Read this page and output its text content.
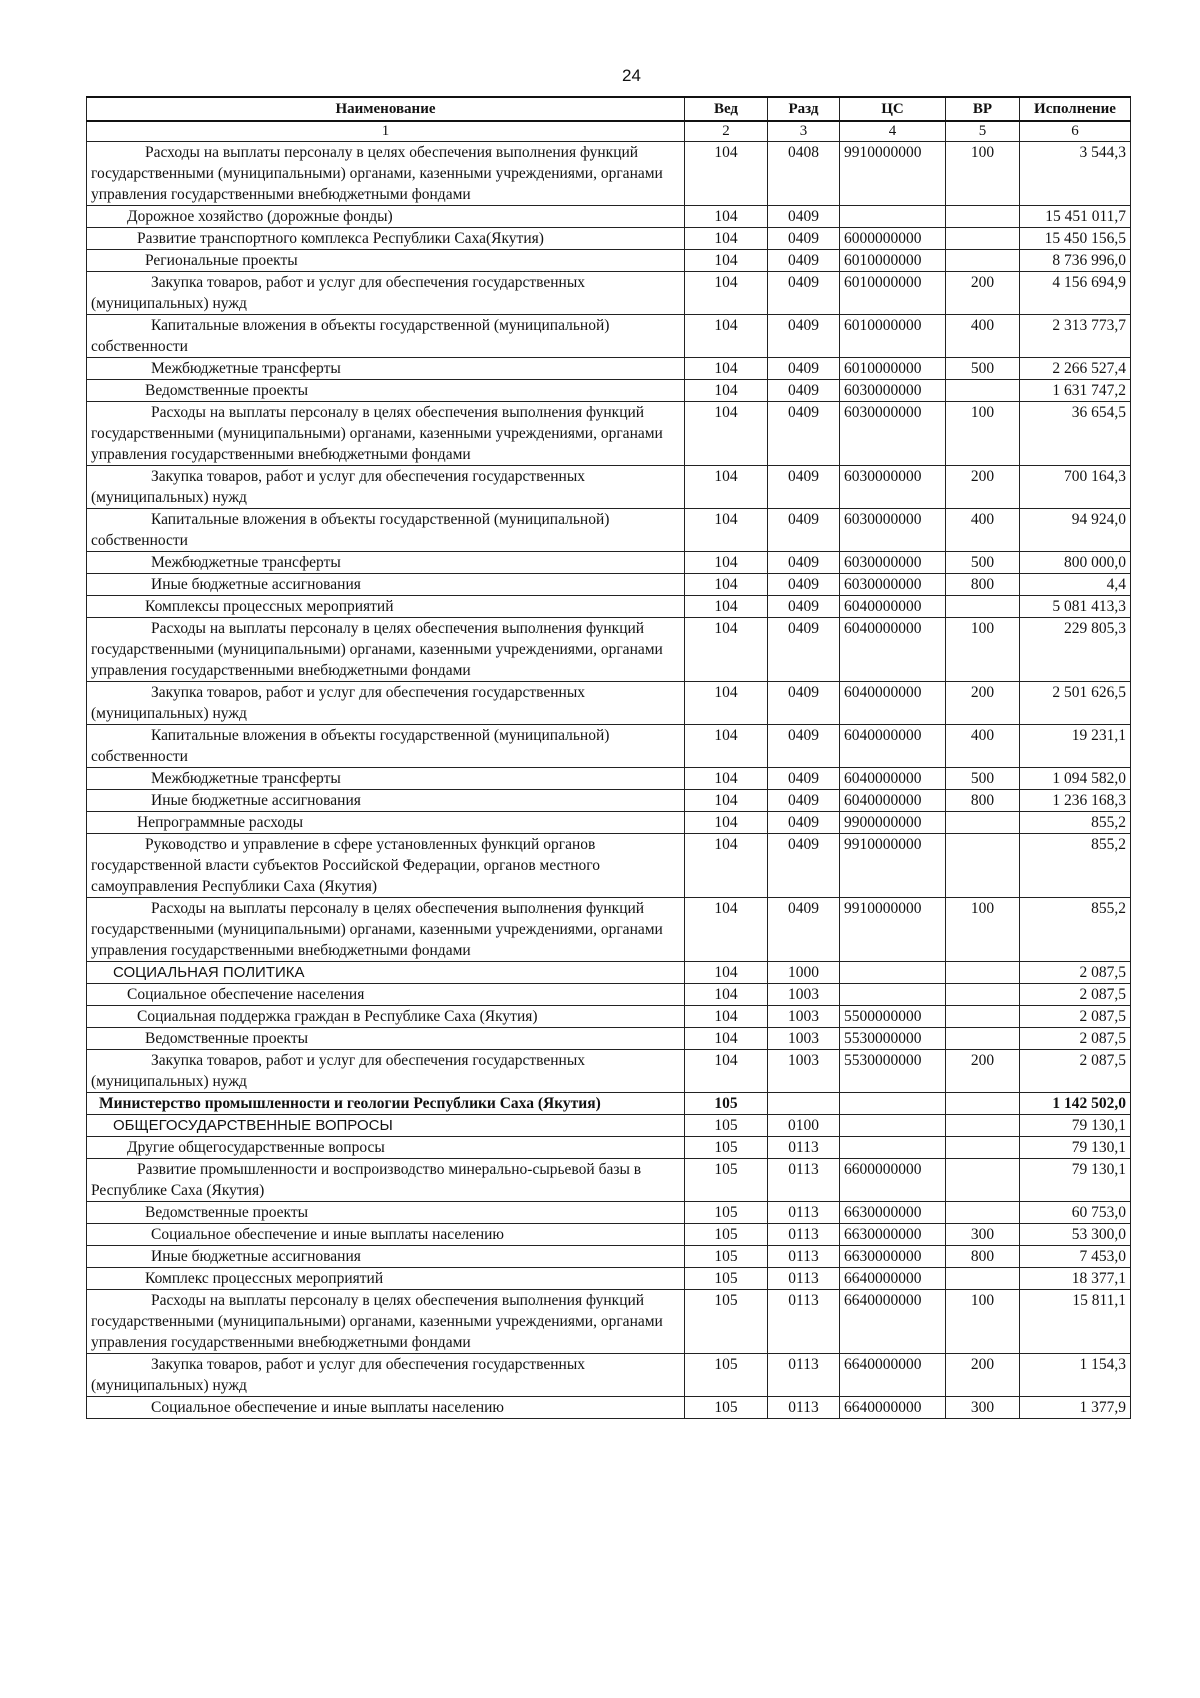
24
Наименование	Вед	Разд	ЦС	ВР	Исполнение
1	2	3	4	5	6
Расходы на выплаты персоналу в целях обеспечения выполнения функций государственными (муниципальными) органами, казенными учреждениями, органами управления государственными внебюджетными фондами	104	0408	9910000000	100	3 544,3
Дорожное хозяйство (дорожные фонды)	104	0409			15 451 011,7
Развитие транспортного комплекса Республики Саха(Якутия)	104	0409	6000000000		15 450 156,5
Региональные проекты	104	0409	6010000000		8 736 996,0
Закупка товаров, работ и услуг для обеспечения государственных (муниципальных) нужд	104	0409	6010000000	200	4 156 694,9
Капитальные вложения в объекты государственной (муниципальной) собственности	104	0409	6010000000	400	2 313 773,7
Межбюджетные трансферты	104	0409	6010000000	500	2 266 527,4
Ведомственные проекты	104	0409	6030000000		1 631 747,2
Расходы на выплаты персоналу в целях обеспечения выполнения функций государственными (муниципальными) органами, казенными учреждениями, органами управления государственными внебюджетными фондами	104	0409	6030000000	100	36 654,5
Закупка товаров, работ и услуг для обеспечения государственных (муниципальных) нужд	104	0409	6030000000	200	700 164,3
Капитальные вложения в объекты государственной (муниципальной) собственности	104	0409	6030000000	400	94 924,0
Межбюджетные трансферты	104	0409	6030000000	500	800 000,0
Иные бюджетные ассигнования	104	0409	6030000000	800	4,4
Комплексы процессных мероприятий	104	0409	6040000000		5 081 413,3
Расходы на выплаты персоналу в целях обеспечения выполнения функций государственными (муниципальными) органами, казенными учреждениями, органами управления государственными внебюджетными фондами	104	0409	6040000000	100	229 805,3
Закупка товаров, работ и услуг для обеспечения государственных (муниципальных) нужд	104	0409	6040000000	200	2 501 626,5
Капитальные вложения в объекты государственной (муниципальной) собственности	104	0409	6040000000	400	19 231,1
Межбюджетные трансферты	104	0409	6040000000	500	1 094 582,0
Иные бюджетные ассигнования	104	0409	6040000000	800	1 236 168,3
Непрограммные расходы	104	0409	9900000000		855,2
Руководство и управление в сфере установленных функций органов государственной власти субъектов Российской Федерации, органов местного самоуправления Республики Саха (Якутия)	104	0409	9910000000		855,2
Расходы на выплаты персоналу в целях обеспечения выполнения функций государственными (муниципальными) органами, казенными учреждениями, органами управления государственными внебюджетными фондами	104	0409	9910000000	100	855,2
СОЦИАЛЬНАЯ ПОЛИТИКА	104	1000			2 087,5
Социальное обеспечение населения	104	1003			2 087,5
Социальная поддержка граждан в Республике Саха (Якутия)	104	1003	5500000000		2 087,5
Ведомственные проекты	104	1003	5530000000		2 087,5
Закупка товаров, работ и услуг для обеспечения государственных (муниципальных) нужд	104	1003	5530000000	200	2 087,5
Министерство промышленности и геологии Республики Саха (Якутия)	105				1 142 502,0
ОБЩЕГОСУДАРСТВЕННЫЕ ВОПРОСЫ	105	0100			79 130,1
Другие общегосударственные вопросы	105	0113			79 130,1
Развитие промышленности и воспроизводство минерально-сырьевой базы в Республике Саха (Якутия)	105	0113	6600000000		79 130,1
Ведомственные проекты	105	0113	6630000000		60 753,0
Социальное обеспечение и иные выплаты населению	105	0113	6630000000	300	53 300,0
Иные бюджетные ассигнования	105	0113	6630000000	800	7 453,0
Комплекс процессных мероприятий	105	0113	6640000000		18 377,1
Расходы на выплаты персоналу в целях обеспечения выполнения функций государственными (муниципальными) органами, казенными учреждениями, органами управления государственными внебюджетными фондами	105	0113	6640000000	100	15 811,1
Закупка товаров, работ и услуг для обеспечения государственных (муниципальных) нужд	105	0113	6640000000	200	1 154,3
Социальное обеспечение и иные выплаты населению	105	0113	6640000000	300	1 377,9
